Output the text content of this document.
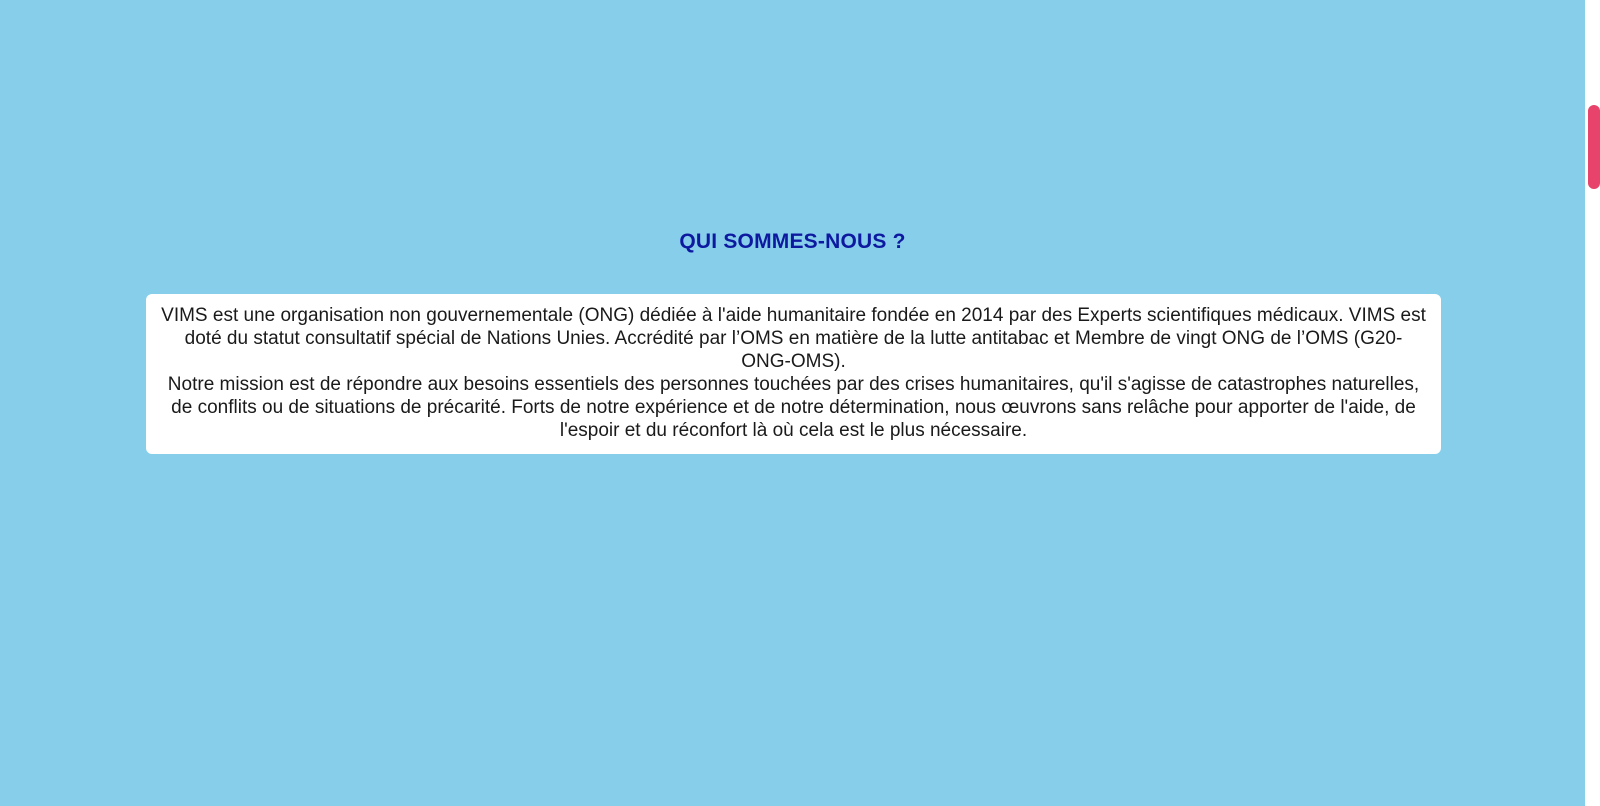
QUI SOMMES-NOUS ?

VIMS est une organisation non gouvernementale (ONG) dédiée à l'aide humanitaire fondée en 2014 par des Experts scientifiques médicaux. VIMS est doté du statut consultatif spécial de Nations Unies. Accrédité par l’OMS en matière de la lutte antitabac et Membre de vingt ONG de l’OMS (G20-ONG-OMS).

Notre mission est de répondre aux besoins essentiels des personnes touchées par des crises humanitaires, qu'il s'agisse de catastrophes naturelles, de conflits ou de situations de précarité. Forts de notre expérience et de notre détermination, nous œuvrons sans relâche pour apporter de l'aide, de l'espoir et du réconfort là où cela est le plus nécessaire.
